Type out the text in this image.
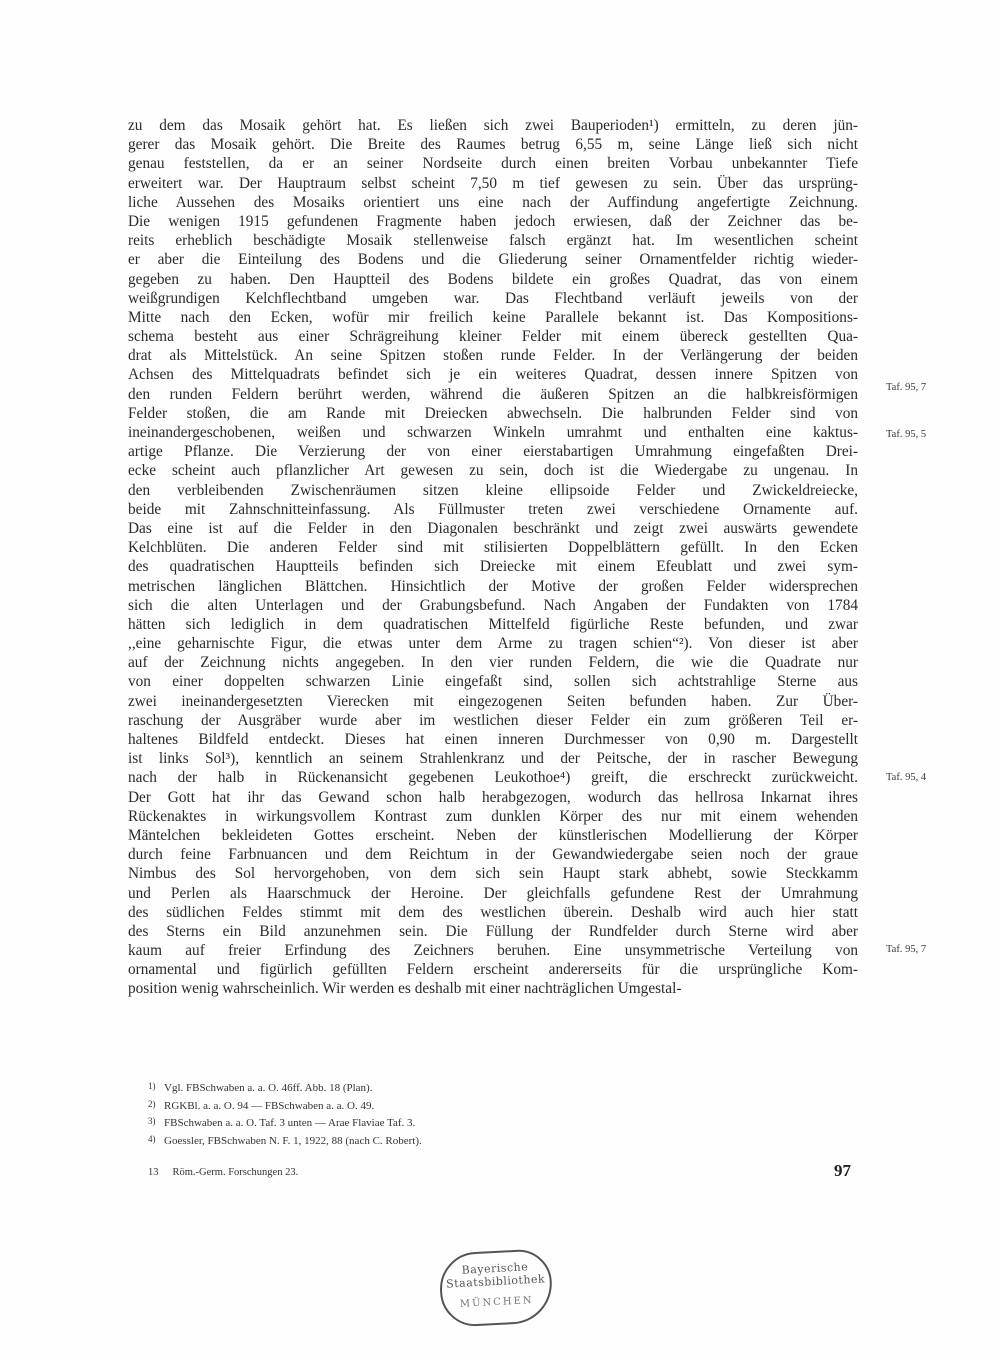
zu dem das Mosaik gehört hat. Es ließen sich zwei Bauperioden¹) ermitteln, zu deren jün-
gerer das Mosaik gehört. Die Breite des Raumes betrug 6,55 m, seine Länge ließ sich nicht
genau feststellen, da er an seiner Nordseite durch einen breiten Vorbau unbekannter Tiefe
erweitert war. Der Hauptraum selbst scheint 7,50 m tief gewesen zu sein. Über das ursprüng-
liche Aussehen des Mosaiks orientiert uns eine nach der Auffindung angefertigte Zeichnung.
Die wenigen 1915 gefundenen Fragmente haben jedoch erwiesen, daß der Zeichner das be-
reits erheblich beschädigte Mosaik stellenweise falsch ergänzt hat. Im wesentlichen scheint
er aber die Einteilung des Bodens und die Gliederung seiner Ornamentfelder richtig wieder-
gegeben zu haben. Den Hauptteil des Bodens bildete ein großes Quadrat, das von einem
weißgrundigen Kelchflechtband umgeben war. Das Flechtband verläuft jeweils von der
Mitte nach den Ecken, wofür mir freilich keine Parallele bekannt ist. Das Kompositions-
schema besteht aus einer Schrägreihung kleiner Felder mit einem übereck gestellten Qua-
drat als Mittelstück. An seine Spitzen stoßen runde Felder. In der Verlängerung der beiden
Achsen des Mittelquadrats befindet sich je ein weiteres Quadrat, dessen innere Spitzen von
den runden Feldern berührt werden, während die äußeren Spitzen an die halbkreisförmigen
Felder stoßen, die am Rande mit Dreiecken abwechseln. Die halbrunden Felder sind von
ineinandergeschobenen, weißen und schwarzen Winkeln umrahmt und enthalten eine kaktus-
artige Pflanze. Die Verzierung der von einer eierstabartigen Umrahmung eingefaßten Drei-
ecke scheint auch pflanzlicher Art gewesen zu sein, doch ist die Wiedergabe zu ungenau. In
den verbleibenden Zwischenräumen sitzen kleine ellipsoide Felder und Zwickeldreiecke,
beide mit Zahnschnitteinfassung. Als Füllmuster treten zwei verschiedene Ornamente auf.
Das eine ist auf die Felder in den Diagonalen beschränkt und zeigt zwei auswärts gewendete
Kelchblüten. Die anderen Felder sind mit stilisierten Doppelblättern gefüllt. In den Ecken
des quadratischen Hauptteils befinden sich Dreiecke mit einem Efeublatt und zwei sym-
metrischen länglichen Blättchen. Hinsichtlich der Motive der großen Felder widersprechen
sich die alten Unterlagen und der Grabungsbefund. Nach Angaben der Fundakten von 1784
hätten sich lediglich in dem quadratischen Mittelfeld figürliche Reste befunden, und zwar
,,eine geharnischte Figur, die etwas unter dem Arme zu tragen schien“²). Von dieser ist aber
auf der Zeichnung nichts angegeben. In den vier runden Feldern, die wie die Quadrate nur
von einer doppelten schwarzen Linie eingefaßt sind, sollen sich achtstrahlige Sterne aus
zwei ineinandergesetzten Vierecken mit eingezogenen Seiten befunden haben. Zur Über-
raschung der Ausgräber wurde aber im westlichen dieser Felder ein zum größeren Teil er-
haltenes Bildfeld entdeckt. Dieses hat einen inneren Durchmesser von 0,90 m. Dargestellt
ist links Sol³), kenntlich an seinem Strahlenkranz und der Peitsche, der in rascher Bewegung
nach der halb in Rückenansicht gegebenen Leukothoe⁴) greift, die erschreckt zurückweicht.
Der Gott hat ihr das Gewand schon halb herabgezogen, wodurch das hellrosa Inkarnat ihres
Rückenaktes in wirkungsvollem Kontrast zum dunklen Körper des nur mit einem wehenden
Mäntelchen bekleideten Gottes erscheint. Neben der künstlerischen Modellierung der Körper
durch feine Farbnuancen und dem Reichtum in der Gewandwiedergabe seien noch der graue
Nimbus des Sol hervorgehoben, von dem sich sein Haupt stark abhebt, sowie Steckkamm
und Perlen als Haarschmuck der Heroine. Der gleichfalls gefundene Rest der Umrahmung
des südlichen Feldes stimmt mit dem des westlichen überein. Deshalb wird auch hier statt
des Sterns ein Bild anzunehmen sein. Die Füllung der Rundfelder durch Sterne wird aber
kaum auf freier Erfindung des Zeichners beruhen. Eine unsymmetrische Verteilung von
ornamental und figürlich gefüllten Feldern erscheint andererseits für die ursprüngliche Kom-
position wenig wahrscheinlich. Wir werden es deshalb mit einer nachträglichen Umgestal-
Taf. 95, 7
Taf. 95, 5
Taf. 95, 4
Taf. 95, 7
1) Vgl. FBSchwaben a. a. O. 46ff. Abb. 18 (Plan).
2) RGKBl. a. a. O. 94 — FBSchwaben a. a. O. 49.
3) FBSchwaben a. a. O. Taf. 3 unten — Arae Flaviae Taf. 3.
4) Goessler, FBSchwaben N. F. 1, 1922, 88 (nach C. Robert).
13 Röm.-Germ. Forschungen 23.	97
Bayerische
Staatsbibliothek
MÜNCHEN
